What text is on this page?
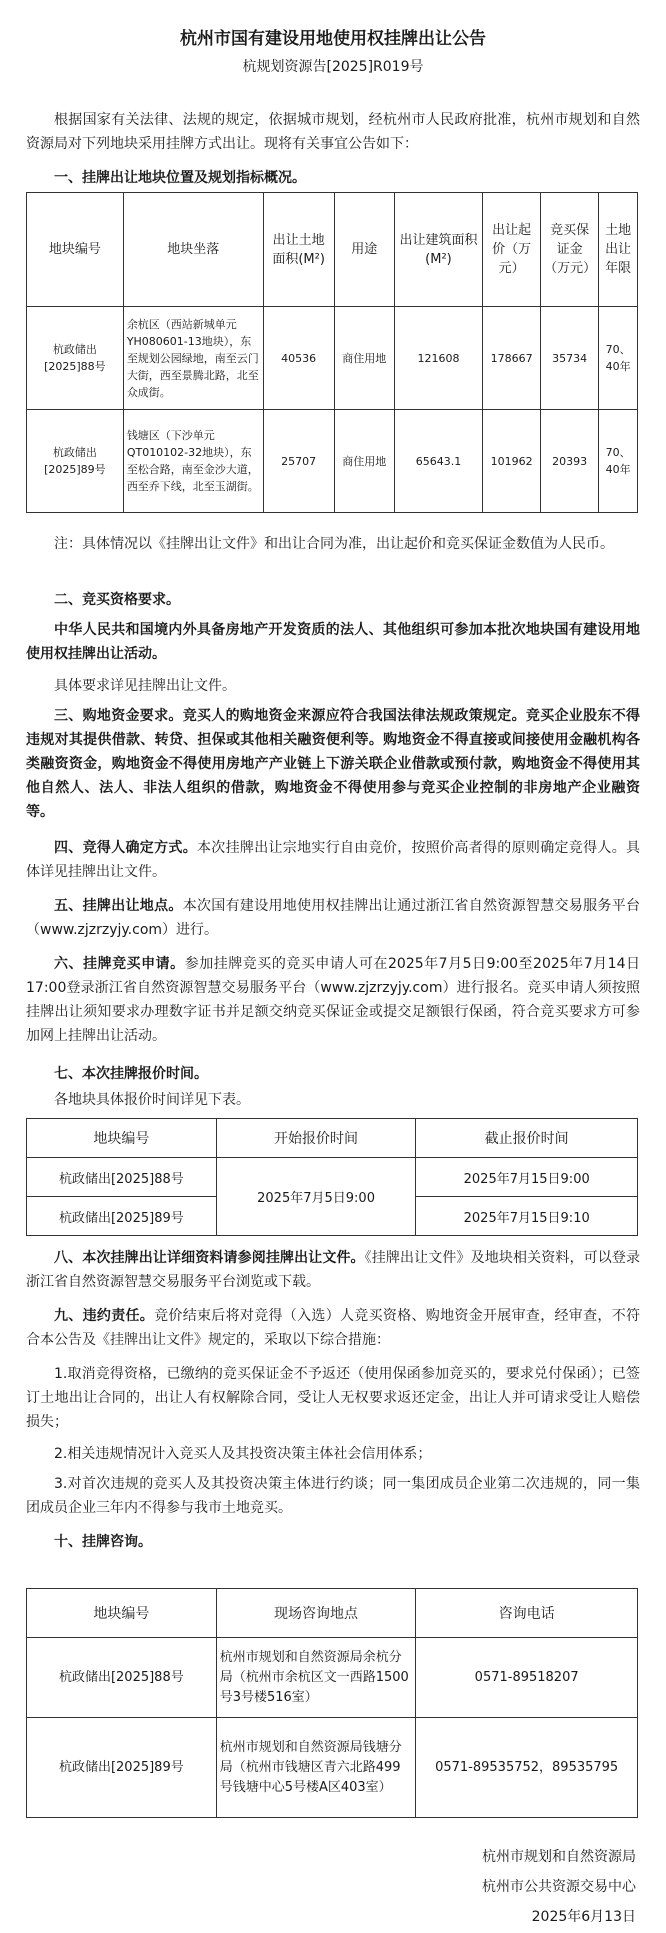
杭州市国有建设用地使用权挂牌出让公告
杭规划资源告[2025]R019号
根据国家有关法律、法规的规定，依据城市规划，经杭州市人民政府批准，杭州市规划和自然资源局对下列地块采用挂牌方式出让。现将有关事宜公告如下：
一、挂牌出让地块位置及规划指标概况。
地块编号	地块坐落	出让土地面积(M²)	用途	出让建筑面积(M²)	出让起价（万元）	竞买保证金（万元）	土地出让年限
杭政储出[2025]88号	余杭区（西站新城单元YH080601-13地块），东至规划公园绿地，南至云门大街，西至景腾北路，北至众成街。	40536	商住用地	121608	178667	35734	70、40年
杭政储出[2025]89号	钱塘区（下沙单元QT010102-32地块），东至松合路，南至金沙大道，西至乔下线，北至玉湖街。	25707	商住用地	65643.1	101962	20393	70、40年
注：具体情况以《挂牌出让文件》和出让合同为准，出让起价和竞买保证金数值为人民币。
二、竞买资格要求。
中华人民共和国境内外具备房地产开发资质的法人、其他组织可参加本批次地块国有建设用地使用权挂牌出让活动。
具体要求详见挂牌出让文件。
三、购地资金要求。竞买人的购地资金来源应符合我国法律法规政策规定。竞买企业股东不得违规对其提供借款、转贷、担保或其他相关融资便利等。购地资金不得直接或间接使用金融机构各类融资资金，购地资金不得使用房地产产业链上下游关联企业借款或预付款，购地资金不得使用其他自然人、法人、非法人组织的借款，购地资金不得使用参与竞买企业控制的非房地产企业融资等。
四、竞得人确定方式。本次挂牌出让宗地实行自由竞价，按照价高者得的原则确定竞得人。具体详见挂牌出让文件。
五、挂牌出让地点。本次国有建设用地使用权挂牌出让通过浙江省自然资源智慧交易服务平台（www.zjzrzyjy.com）进行。
六、挂牌竞买申请。参加挂牌竞买的竞买申请人可在2025年7月5日9:00至2025年7月14日17:00登录浙江省自然资源智慧交易服务平台（www.zjzrzyjy.com）进行报名。竞买申请人须按照挂牌出让须知要求办理数字证书并足额交纳竞买保证金或提交足额银行保函，符合竞买要求方可参加网上挂牌出让活动。
七、本次挂牌报价时间。
各地块具体报价时间详见下表。
地块编号	开始报价时间	截止报价时间
杭政储出[2025]88号	2025年7月5日9:00	2025年7月15日9:00
杭政储出[2025]89号		2025年7月15日9:10
八、本次挂牌出让详细资料请参阅挂牌出让文件。《挂牌出让文件》及地块相关资料，可以登录浙江省自然资源智慧交易服务平台浏览或下载。
九、违约责任。竞价结束后将对竞得（入选）人竞买资格、购地资金开展审查，经审查，不符合本公告及《挂牌出让文件》规定的，采取以下综合措施：
1.取消竞得资格，已缴纳的竞买保证金不予返还（使用保函参加竞买的，要求兑付保函）；已签订土地出让合同的，出让人有权解除合同，受让人无权要求返还定金，出让人并可请求受让人赔偿损失；
2.相关违规情况计入竞买人及其投资决策主体社会信用体系；
3.对首次违规的竞买人及其投资决策主体进行约谈；同一集团成员企业第二次违规的，同一集团成员企业三年内不得参与我市土地竞买。
十、挂牌咨询。
地块编号	现场咨询地点	咨询电话
杭政储出[2025]88号	杭州市规划和自然资源局余杭分局（杭州市余杭区文一西路1500号3号楼516室）	0571-89518207
杭政储出[2025]89号	杭州市规划和自然资源局钱塘分局（杭州市钱塘区青六北路499号钱塘中心5号楼A区403室）	0571-89535752，89535795
杭州市规划和自然资源局
杭州市公共资源交易中心
2025年6月13日
